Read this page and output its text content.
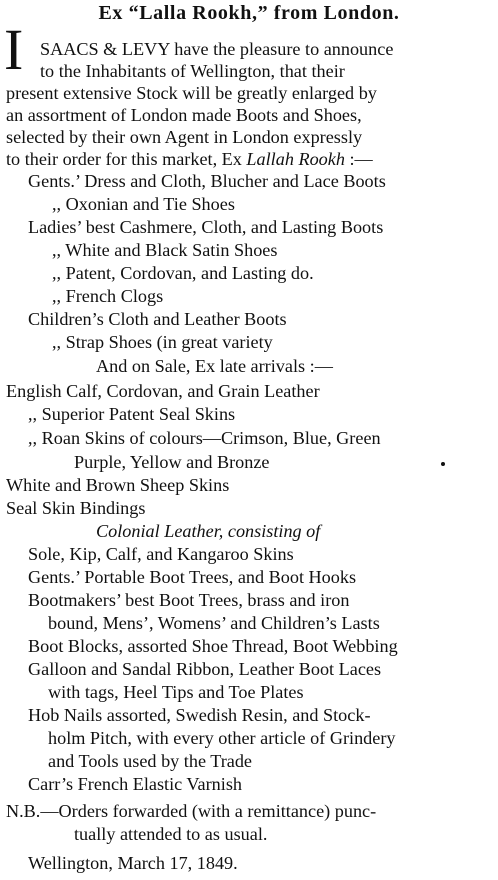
Ex “Lalla Rookh,” from London.
I SAACS & LEVY have the pleasure to announce
to the Inhabitants of Wellington, that their
present extensive Stock will be greatly enlarged by
an assortment of London made Boots and Shoes,
selected by their own Agent in London expressly
to their order for this market, Ex Lallah Rookh :—
Gents.’ Dress and Cloth, Blucher and Lace Boots
,, Oxonian and Tie Shoes
Ladies’ best Cashmere, Cloth, and Lasting Boots
,, White and Black Satin Shoes
,, Patent, Cordovan, and Lasting do.
,, French Clogs
Children’s Cloth and Leather Boots
,, Strap Shoes (in great variety
And on Sale, Ex late arrivals :—
English Calf, Cordovan, and Grain Leather
,, Superior Patent Seal Skins
,, Roan Skins of colours—Crimson, Blue, Green
Purple, Yellow and Bronze
White and Brown Sheep Skins
Seal Skin Bindings
Colonial Leather, consisting of
Sole, Kip, Calf, and Kangaroo Skins
Gents.’ Portable Boot Trees, and Boot Hooks
Bootmakers’ best Boot Trees, brass and iron
bound, Mens’, Womens’ and Children’s Lasts
Boot Blocks, assorted Shoe Thread, Boot Webbing
Galloon and Sandal Ribbon, Leather Boot Laces
with tags, Heel Tips and Toe Plates
Hob Nails assorted, Swedish Resin, and Stock-
holm Pitch, with every other article of Grindery
and Tools used by the Trade
Carr’s French Elastic Varnish
N.B.—Orders forwarded (with a remittance) punc-
tually attended to as usual.
Wellington, March 17, 1849.
